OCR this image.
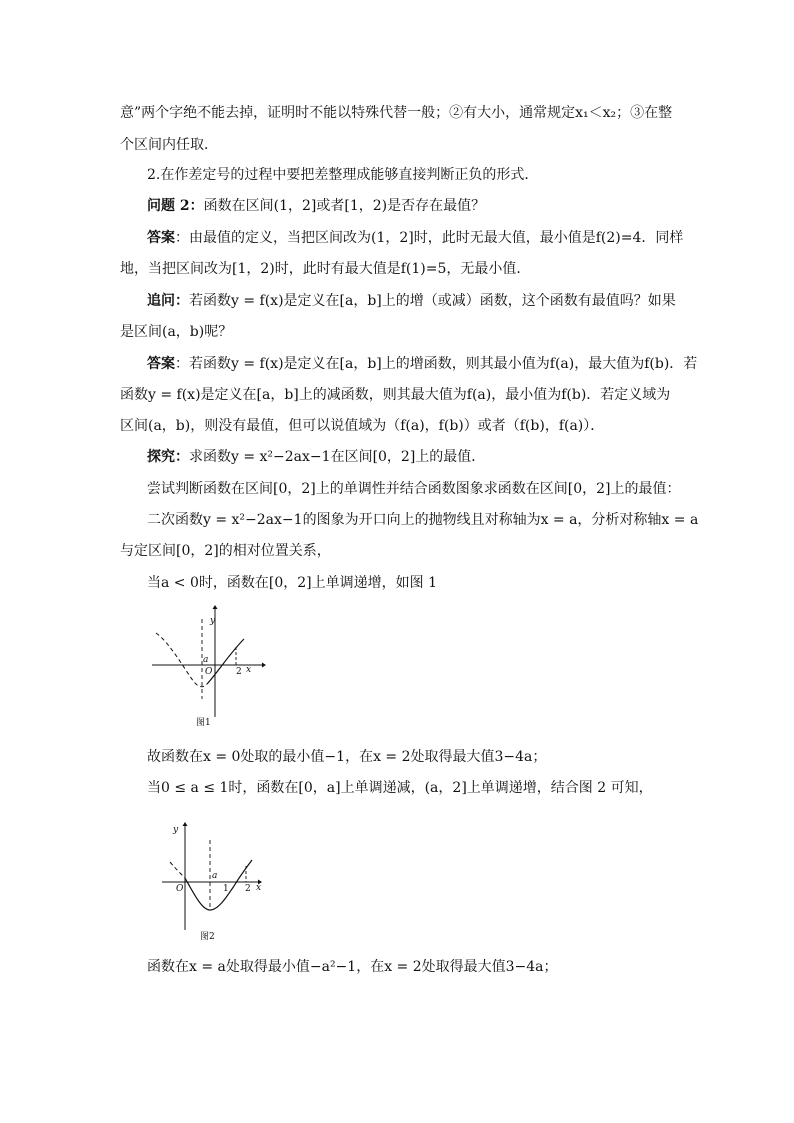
意”两个字绝不能去掉，证明时不能以特殊代替一般；②有大小，通常规定x₁＜x₂；③在整
个区间内任取．
2.在作差定号的过程中要把差整理成能够直接判断正负的形式．
问题 2：函数在区间(1，2]或者[1，2)是否存在最值？
答案：由最值的定义，当把区间改为(1，2]时，此时无最大值，最小值是f(2)=4．同样
地，当把区间改为[1，2)时，此时有最大值是f(1)=5，无最小值．
追问：若函数y = f(x)是定义在[a，b]上的增（或减）函数，这个函数有最值吗？如果
是区间(a，b)呢？
答案：若函数y = f(x)是定义在[a，b]上的增函数，则其最小值为f(a)，最大值为f(b)．若
函数y = f(x)是定义在[a，b]上的减函数，则其最大值为f(a)，最小值为f(b)．若定义域为
区间(a，b)，则没有最值，但可以说值域为（f(a)，f(b)）或者（f(b)，f(a)）．
探究：求函数y = x²−2ax−1在区间[0，2]上的最值．
尝试判断函数在区间[0，2]上的单调性并结合函数图象求函数在区间[0，2]上的最值：
二次函数y = x²−2ax−1的图象为开口向上的抛物线且对称轴为x = a，分析对称轴x = a
与定区间[0，2]的相对位置关系，
当a < 0时，函数在[0，2]上单调递增，如图 1
y
x
O
a
2
图1
故函数在x = 0处取的最小值−1，在x = 2处取得最大值3−4a；
当0 ≤ a ≤ 1时，函数在[0，a]上单调递减，(a，2]上单调递增，结合图 2 可知，
y
x
O
a
1 2
图2
函数在x = a处取得最小值−a²−1，在x = 2处取得最大值3−4a；
